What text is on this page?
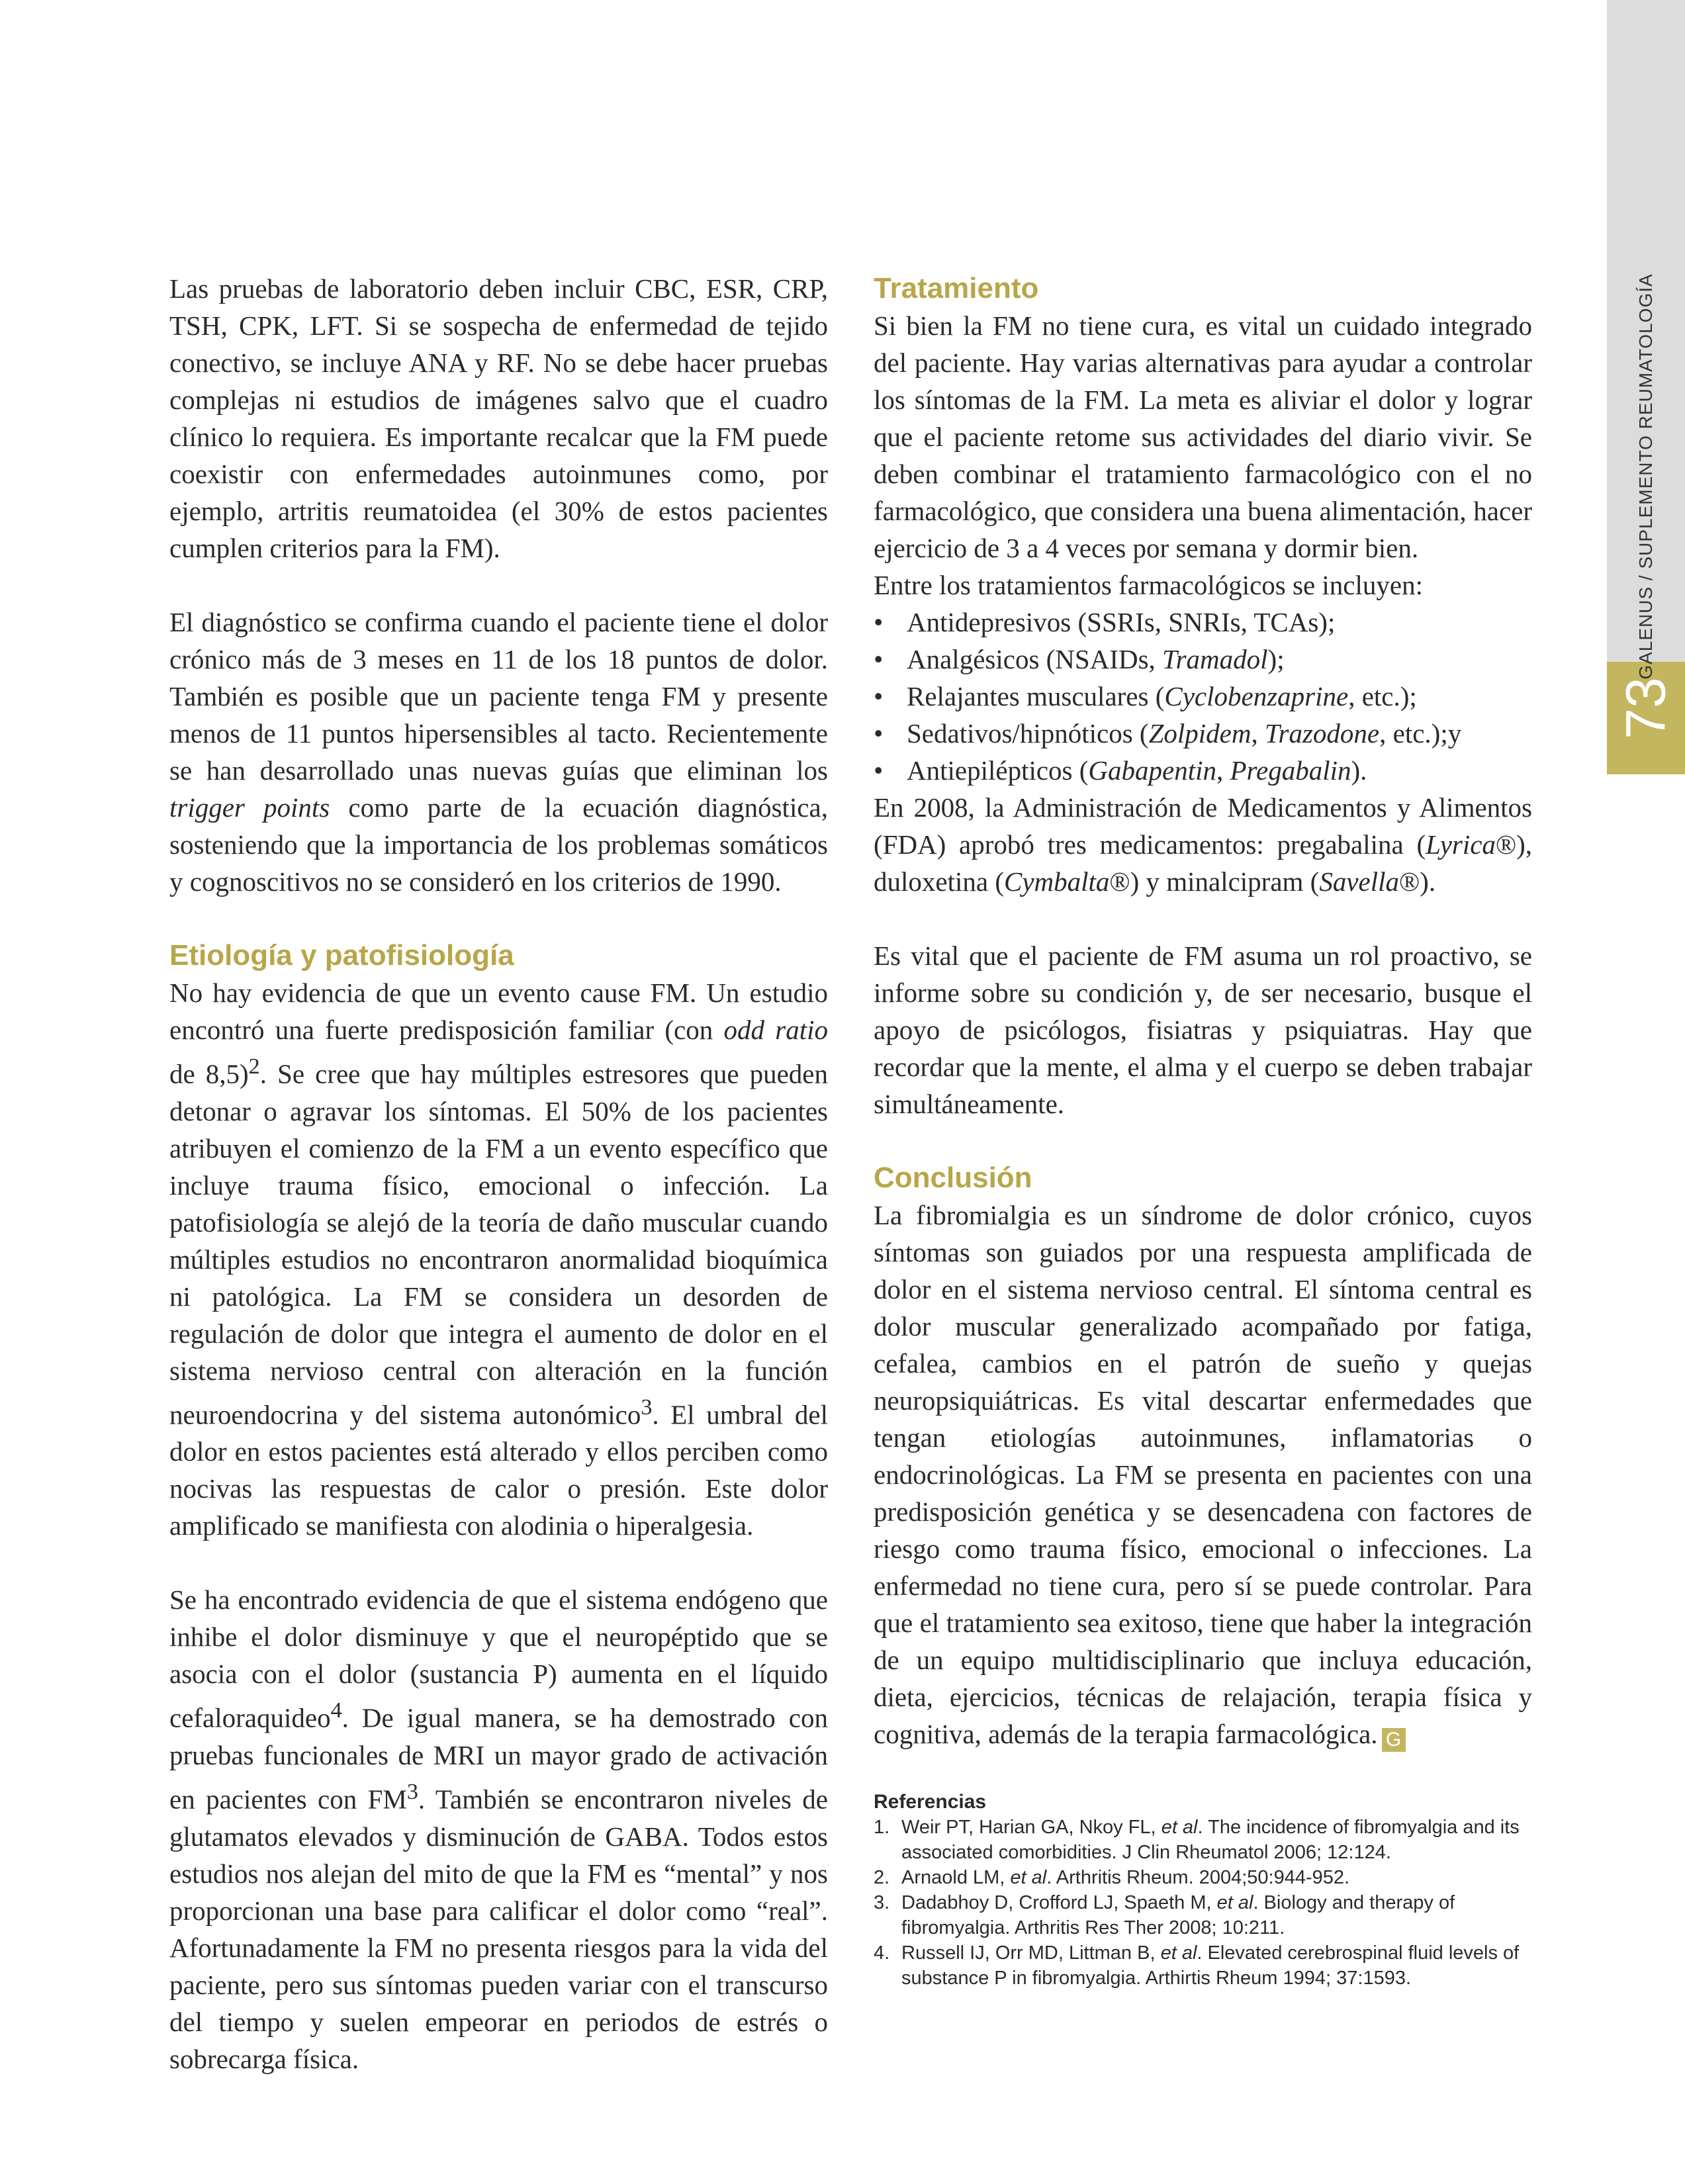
GALENUS / SUPLEMENTO REUMATOLOGÍA
73

Las pruebas de laboratorio deben incluir CBC, ESR, CRP, TSH, CPK, LFT. Si se sospecha de enfermedad de tejido conectivo, se incluye ANA y RF. No se debe hacer pruebas complejas ni estudios de imágenes salvo que el cuadro clínico lo requiera. Es importante recalcar que la FM puede coexistir con enfermedades autoinmunes como, por ejemplo, artritis reumatoidea (el 30% de estos pacientes cumplen criterios para la FM).

El diagnóstico se confirma cuando el paciente tiene el dolor crónico más de 3 meses en 11 de los 18 puntos de dolor. También es posible que un paciente tenga FM y presente menos de 11 puntos hipersensibles al tacto. Recientemente se han desarrollado unas nuevas guías que eliminan los trigger points como parte de la ecuación diagnóstica, sosteniendo que la importancia de los problemas somáticos y cognoscitivos no se consideró en los criterios de 1990.

Etiología y patofisiología

No hay evidencia de que un evento cause FM. Un estudio encontró una fuerte predisposición familiar (con odd ratio de 8,5)$^2$. Se cree que hay múltiples estresores que pueden detonar o agravar los síntomas. El 50% de los pacientes atribuyen el comienzo de la FM a un evento específico que incluye trauma físico, emocional o infección. La patofisiología se alejó de la teoría de daño muscular cuando múltiples estudios no encontraron anormalidad bioquímica ni patológica. La FM se considera un desorden de regulación de dolor que integra el aumento de dolor en el sistema nervioso central con alteración en la función neuroendocrina y del sistema autonómico$^3$. El umbral del dolor en estos pacientes está alterado y ellos perciben como nocivas las respuestas de calor o presión. Este dolor amplificado se manifiesta con alodinia o hiperalgesia.

Se ha encontrado evidencia de que el sistema endógeno que inhibe el dolor disminuye y que el neuropéptido que se asocia con el dolor (sustancia P) aumenta en el líquido cefaloraquideo$^4$. De igual manera, se ha demostrado con pruebas funcionales de MRI un mayor grado de activación en pacientes con $FM^3$. También se encontraron niveles de glutamatos elevados y disminución de GABA. Todos estos estudios nos alejan del mito de que la FM es “mental” y nos proporcionan una base para calificar el dolor como “real”. Afortunadamente la FM no presenta riesgos para la vida del paciente, pero sus síntomas pueden variar con el transcurso del tiempo y suelen empeorar en periodos de estrés o sobrecarga física.

Tratamiento

Si bien la FM no tiene cura, es vital un cuidado integrado del paciente. Hay varias alternativas para ayudar a controlar los síntomas de la FM. La meta es aliviar el dolor y lograr que el paciente retome sus actividades del diario vivir. Se deben combinar el tratamiento farmacológico con el no farmacológico, que considera una buena alimentación, hacer ejercicio de 3 a 4 veces por semana y dormir bien.

Entre los tratamientos farmacológicos se incluyen:

• Antidepresivos (SSRIs, SNRIs, TCAs);
• Analgésicos (NSAIDs, Tramadol);
• Relajantes musculares (Cyclobenzaprine, etc.);
• Sedativos/hipnóticos (Zolpidem, Trazodone, etc.);y
• Antiepilépticos (Gabapentin, Pregabalin).

En 2008, la Administración de Medicamentos y Alimentos (FDA) aprobó tres medicamentos: pregabalina (Lyrica®), duloxetina (Cymbalta®) y minalcipram (Savella®).

Es vital que el paciente de FM asuma un rol proactivo, se informe sobre su condición y, de ser necesario, busque el apoyo de psicólogos, fisiatras y psiquiatras. Hay que recordar que la mente, el alma y el cuerpo se deben trabajar simultáneamente.

Conclusión

La fibromialgia es un síndrome de dolor crónico, cuyos síntomas son guiados por una respuesta amplificada de dolor en el sistema nervioso central. El síntoma central es dolor muscular generalizado acompañado por fatiga, cefalea, cambios en el patrón de sueño y quejas neuropsiquiátricas. Es vital descartar enfermedades que tengan etiologías autoinmunes, inflamatorias o endocrinológicas. La FM se presenta en pacientes con una predisposición genética y se desencadena con factores de riesgo como trauma físico, emocional o infecciones. La enfermedad no tiene cura, pero sí se puede controlar. Para que el tratamiento sea exitoso, tiene que haber la integración de un equipo multidisciplinario que incluya educación, dieta, ejercicios, técnicas de relajación, terapia física y cognitiva, además de la terapia farmacológica. G

Referencias
1. Weir PT, Harian GA, Nkoy FL, et al. The incidence of fibromyalgia and its associated comorbidities. J Clin Rheumatol 2006; 12:124.
2. Arnaold LM, et al. Arthritis Rheum. 2004;50:944-952.
3. Dadabhoy D, Crofford LJ, Spaeth M, et al. Biology and therapy of fibromyalgia. Arthritis Res Ther 2008; 10:211.
4. Russell IJ, Orr MD, Littman B, et al. Elevated cerebrospinal fluid levels of substance P in fibromyalgia. Arthirtis Rheum 1994; 37:1593.
